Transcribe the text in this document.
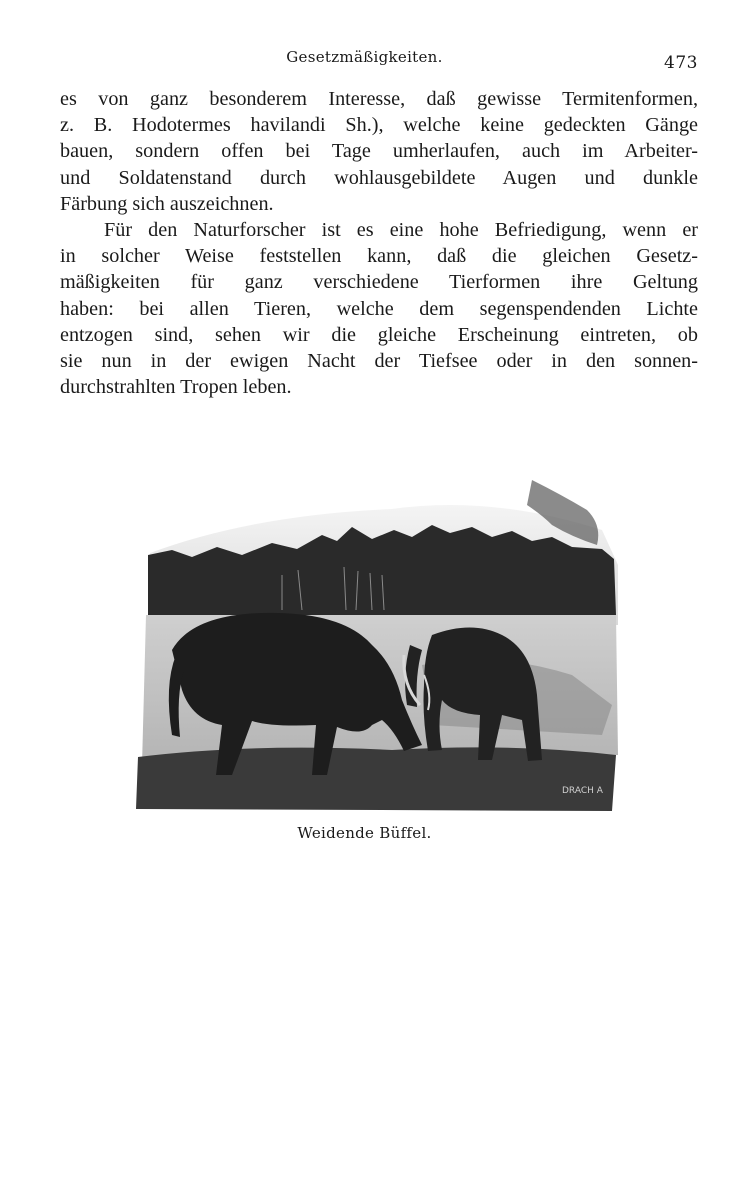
Gesetzmäßigkeiten.	473
es von ganz besonderem Interesse, daß gewisse Termitenformen,
z. B. Hodotermes havilandi Sh.), welche keine gedeckten Gänge
bauen, sondern offen bei Tage umherlaufen, auch im Arbeiter-
und Soldatenstand durch wohlausgebildete Augen und dunkle
Färbung sich auszeichnen.
Für den Naturforscher ist es eine hohe Befriedigung, wenn er
in solcher Weise feststellen kann, daß die gleichen Gesetz-
mäßigkeiten für ganz verschiedene Tierformen ihre Geltung
haben: bei allen Tieren, welche dem segenspendenden Lichte
entzogen sind, sehen wir die gleiche Erscheinung eintreten, ob
sie nun in der ewigen Nacht der Tiefsee oder in den sonnen-
durchstrahlten Tropen leben.
DRACH A
Weidende Büffel.
